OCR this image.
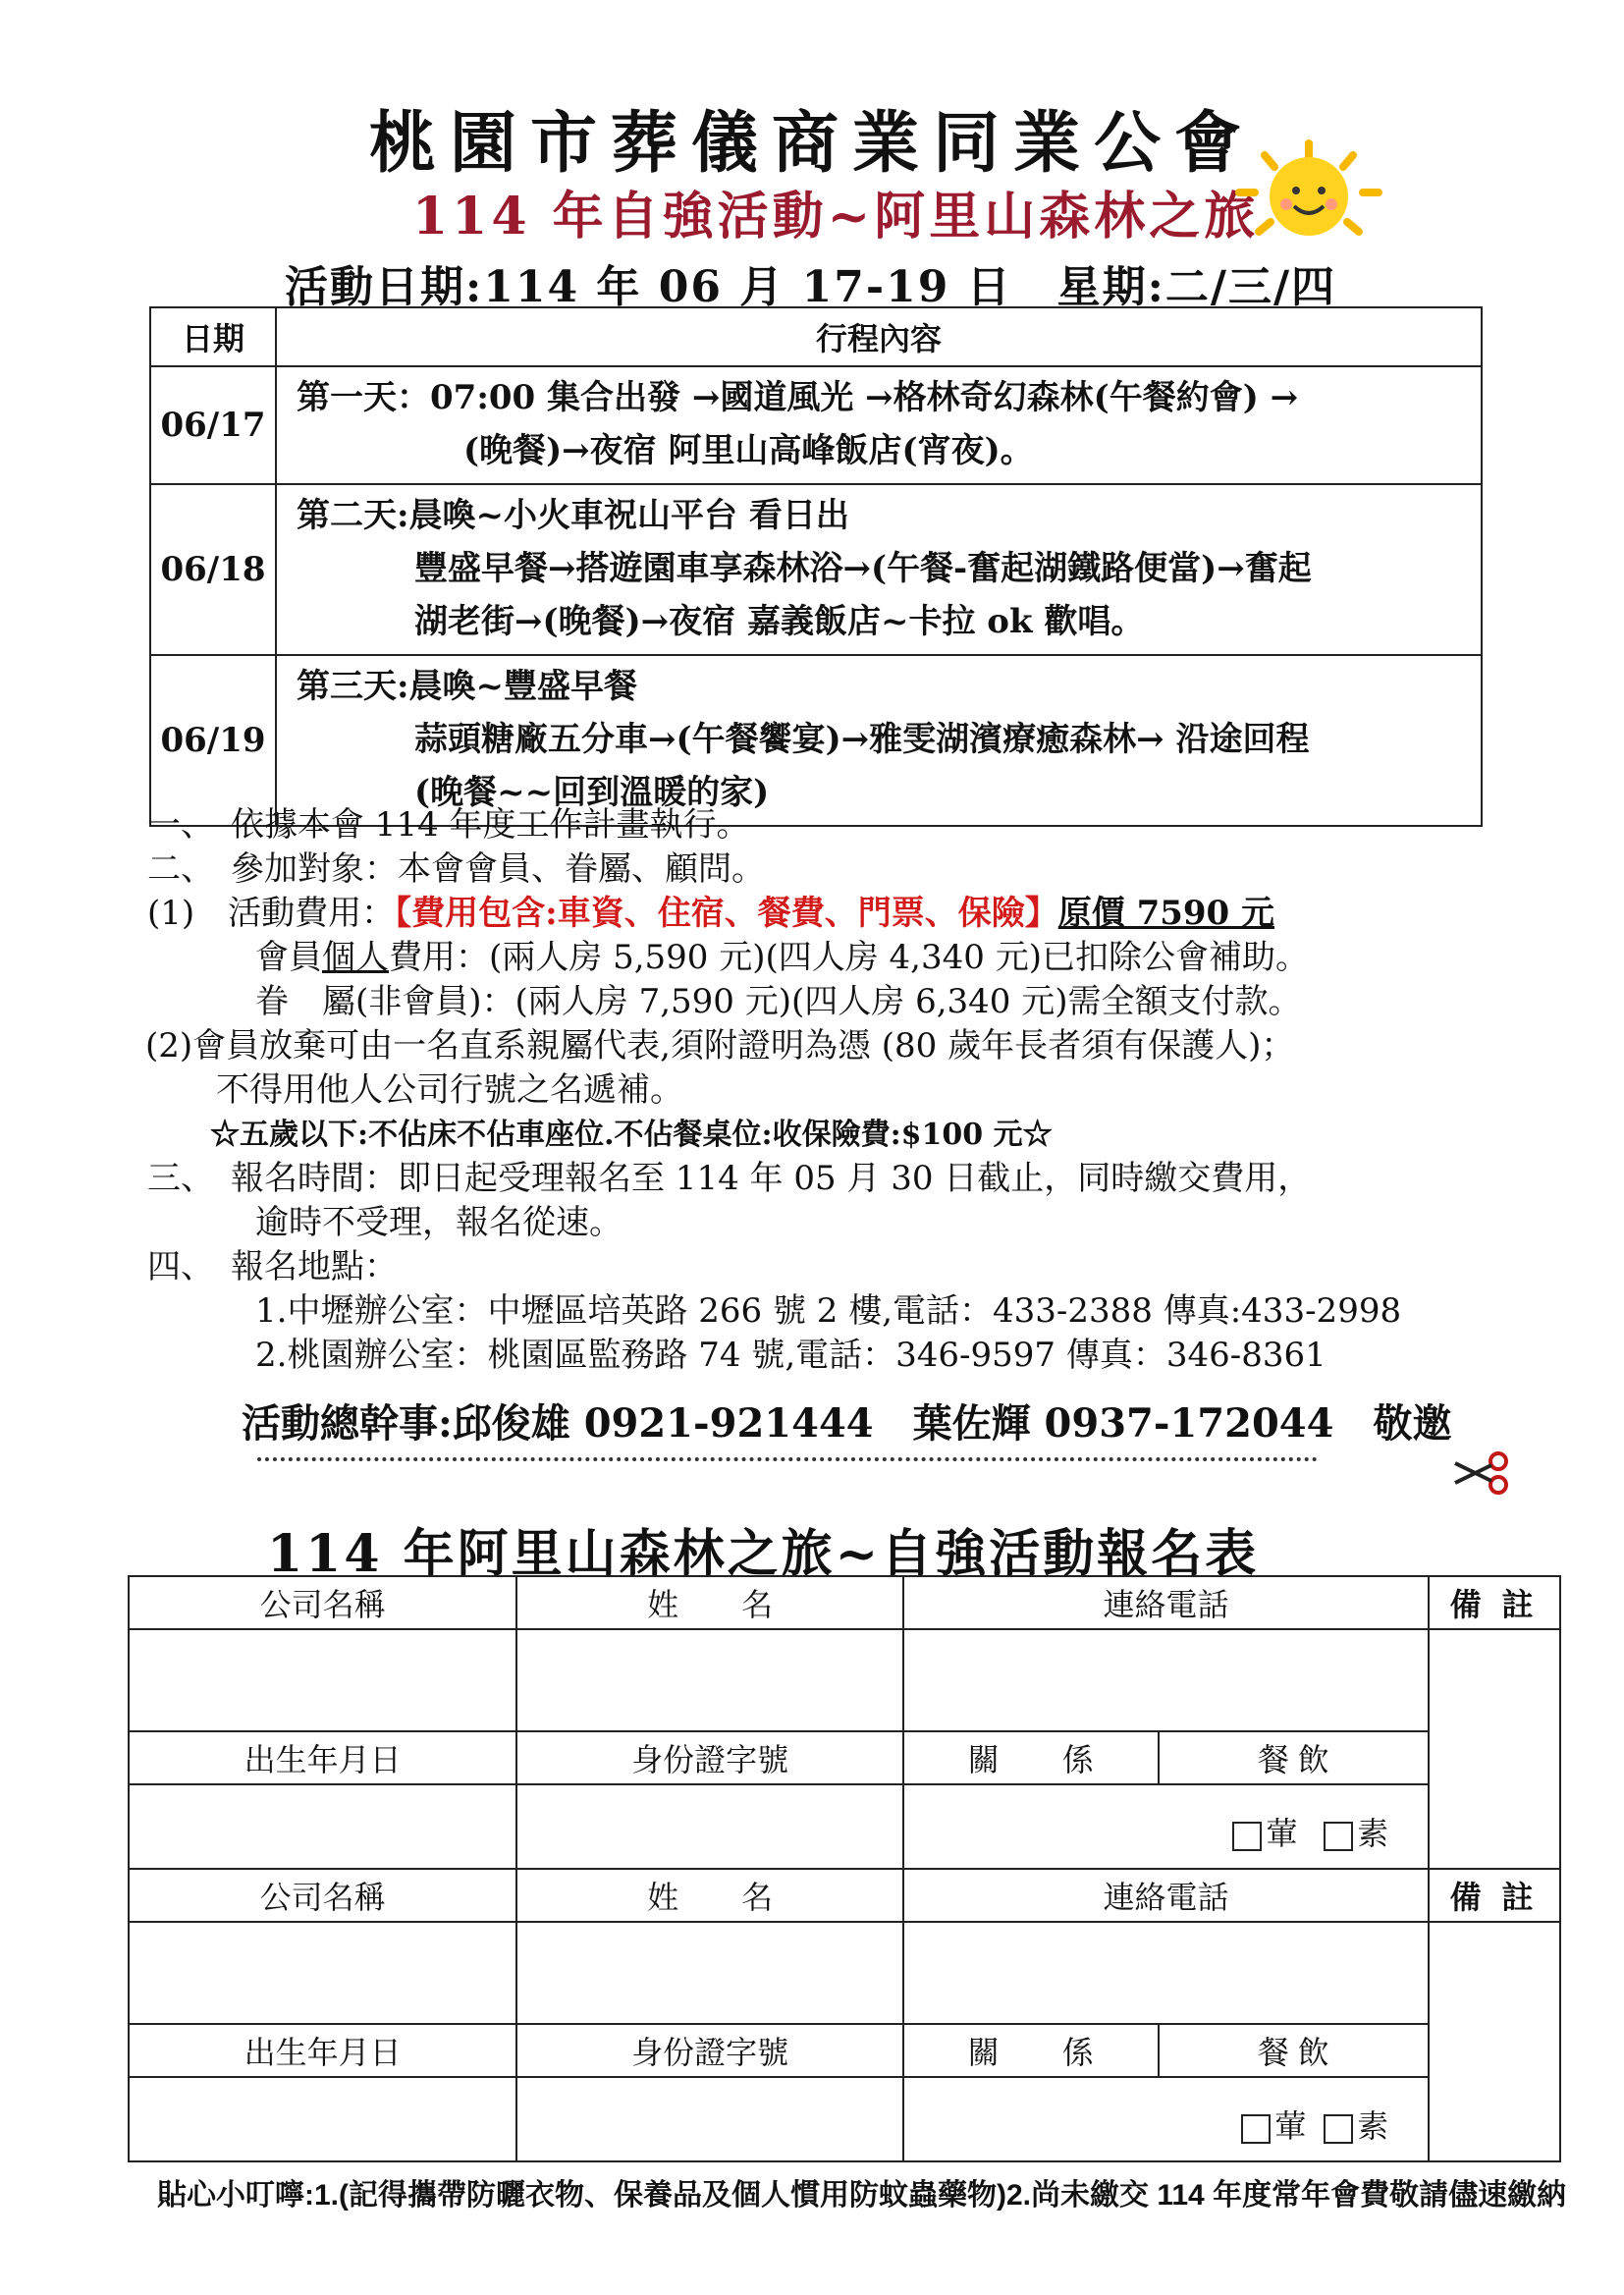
桃園市葬儀商業同業公會
114 年自強活動~阿里山森林之旅
活動日期:114 年 06 月 17-19 日　星期:二/三/四
日期	行程內容
06/17	第一天：07:00 集合出發 →國道風光 →格林奇幻森林(午餐約會) →
(晚餐)→夜宿 阿里山高峰飯店(宵夜)。

06/18	第二天:晨喚~小火車祝山平台 看日出
豐盛早餐→搭遊園車享森林浴→(午餐-奮起湖鐵路便當)→奮起
湖老街→(晚餐)→夜宿 嘉義飯店~卡拉 ok 歡唱。

06/19	第三天:晨喚~豐盛早餐
蒜頭糖廠五分車→(午餐饗宴)→雅雯湖濱療癒森林→ 沿途回程
(晚餐~~回到溫暖的家)
一、　依據本會 114 年度工作計畫執行。
二、　參加對象：本會會員、眷屬、顧問。
(1)　活動費用：【費用包含:車資、住宿、餐費、門票、保險】原價 7590 元
會員個人費用：(兩人房 5,590 元)(四人房 4,340 元)已扣除公會補助。
眷　屬(非會員)：(兩人房 7,590 元)(四人房 6,340 元)需全額支付款。
(2)會員放棄可由一名直系親屬代表,須附證明為憑 (80 歲年長者須有保護人)；
不得用他人公司行號之名遞補。
☆五歲以下:不佔床不佔車座位.不佔餐桌位:收保險費:$100 元☆
三、　報名時間：即日起受理報名至 114 年 05 月 30 日截止，同時繳交費用，
逾時不受理，報名從速。
四、　報名地點：
1.中壢辦公室：中壢區培英路 266 號 2 樓,電話：433-2388 傳真:433-2998
2.桃園辦公室：桃園區監務路 74 號,電話：346-9597 傳真：346-8361
活動總幹事:邱俊雄 0921-921444　葉佐輝 0937-172044　敬邀
114 年阿里山森林之旅~自強活動報名表
公司名稱	姓　　名	連絡電話		備 註

出生年月日	身份證字號	關　　係	餐 飲	
		葷 素		
公司名稱	姓　　名	連絡電話		備 註

出生年月日	身份證字號	關　　係	餐 飲	
		葷 素		
貼心小叮嚀:1.(記得攜帶防曬衣物、保養品及個人慣用防蚊蟲藥物)2.尚未繳交 114 年度常年會費敬請儘速繳納
